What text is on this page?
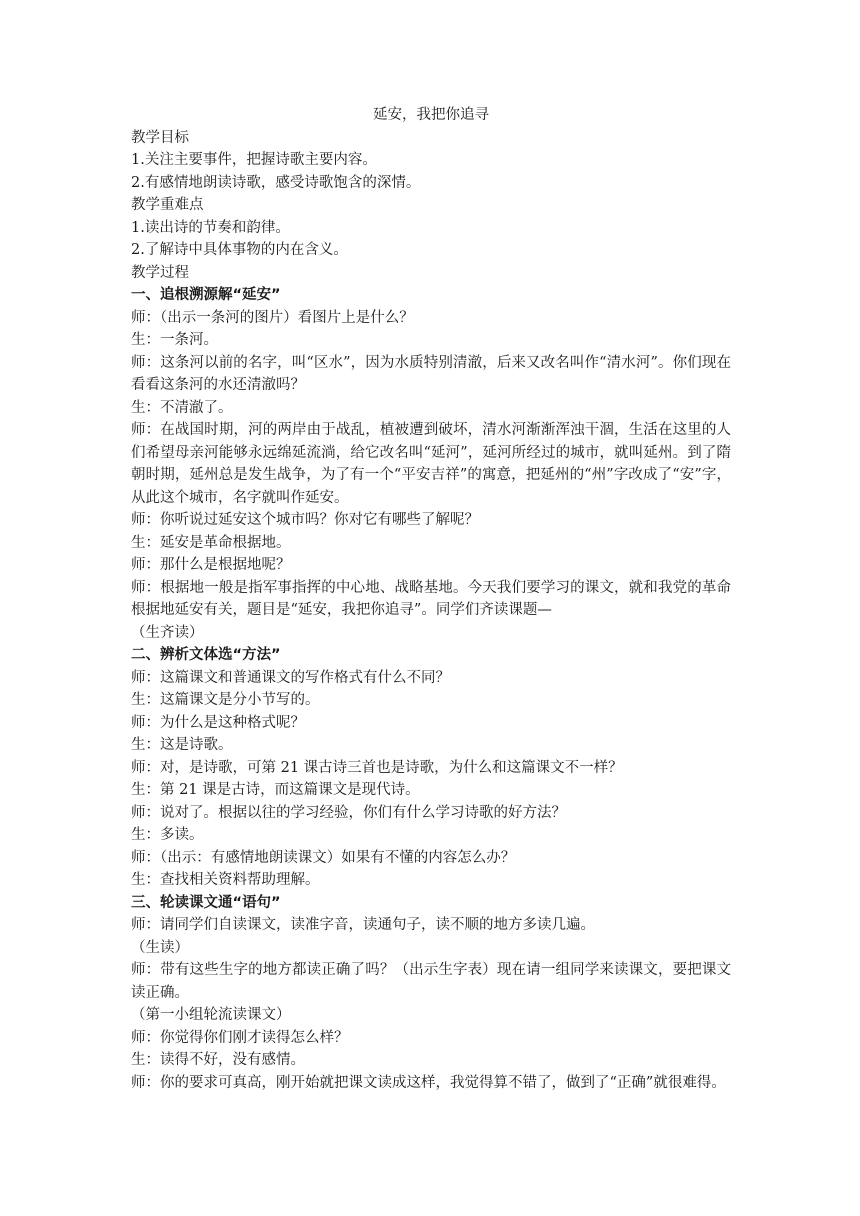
延安，我把你追寻

教学目标

1.关注主要事件，把握诗歌主要内容。

2.有感情地朗读诗歌，感受诗歌饱含的深情。

教学重难点

1.读出诗的节奏和韵律。

2.了解诗中具体事物的内在含义。

教学过程

一、追根溯源解“延安”

师：（出示一条河的图片）看图片上是什么？

生：一条河。

师：这条河以前的名字，叫“区水”，因为水质特别清澈，后来又改名叫作“清水河”。你们现在看看这条河的水还清澈吗？

生：不清澈了。

师：在战国时期，河的两岸由于战乱，植被遭到破坏，清水河渐渐浑浊干涸，生活在这里的人们希望母亲河能够永远绵延流淌，给它改名叫“延河”，延河所经过的城市，就叫延州。到了隋朝时期，延州总是发生战争，为了有一个“平安吉祥”的寓意，把延州的“州”字改成了“安”字，从此这个城市，名字就叫作延安。

师：你听说过延安这个城市吗？你对它有哪些了解呢？

生：延安是革命根据地。

师：那什么是根据地呢？

师：根据地一般是指军事指挥的中心地、战略基地。今天我们要学习的课文，就和我党的革命根据地延安有关，题目是“延安，我把你追寻”。同学们齐读课题—

（生齐读）

二、辨析文体选“方法”

师：这篇课文和普通课文的写作格式有什么不同？

生：这篇课文是分小节写的。

师：为什么是这种格式呢？

生：这是诗歌。

师：对，是诗歌，可第 21 课古诗三首也是诗歌，为什么和这篇课文不一样？

生：第 21 课是古诗，而这篇课文是现代诗。

师：说对了。根据以往的学习经验，你们有什么学习诗歌的好方法？

生：多读。

师：（出示：有感情地朗读课文）如果有不懂的内容怎么办？

生：查找相关资料帮助理解。

三、轮读课文通“语句”

师：请同学们自读课文，读准字音，读通句子，读不顺的地方多读几遍。

（生读）

师：带有这些生字的地方都读正确了吗？（出示生字表）现在请一组同学来读课文，要把课文读正确。

（第一小组轮流读课文）

师：你觉得你们刚才读得怎么样？

生：读得不好，没有感情。

师：你的要求可真高，刚开始就把课文读成这样，我觉得算不错了，做到了“正确”就很难得。
